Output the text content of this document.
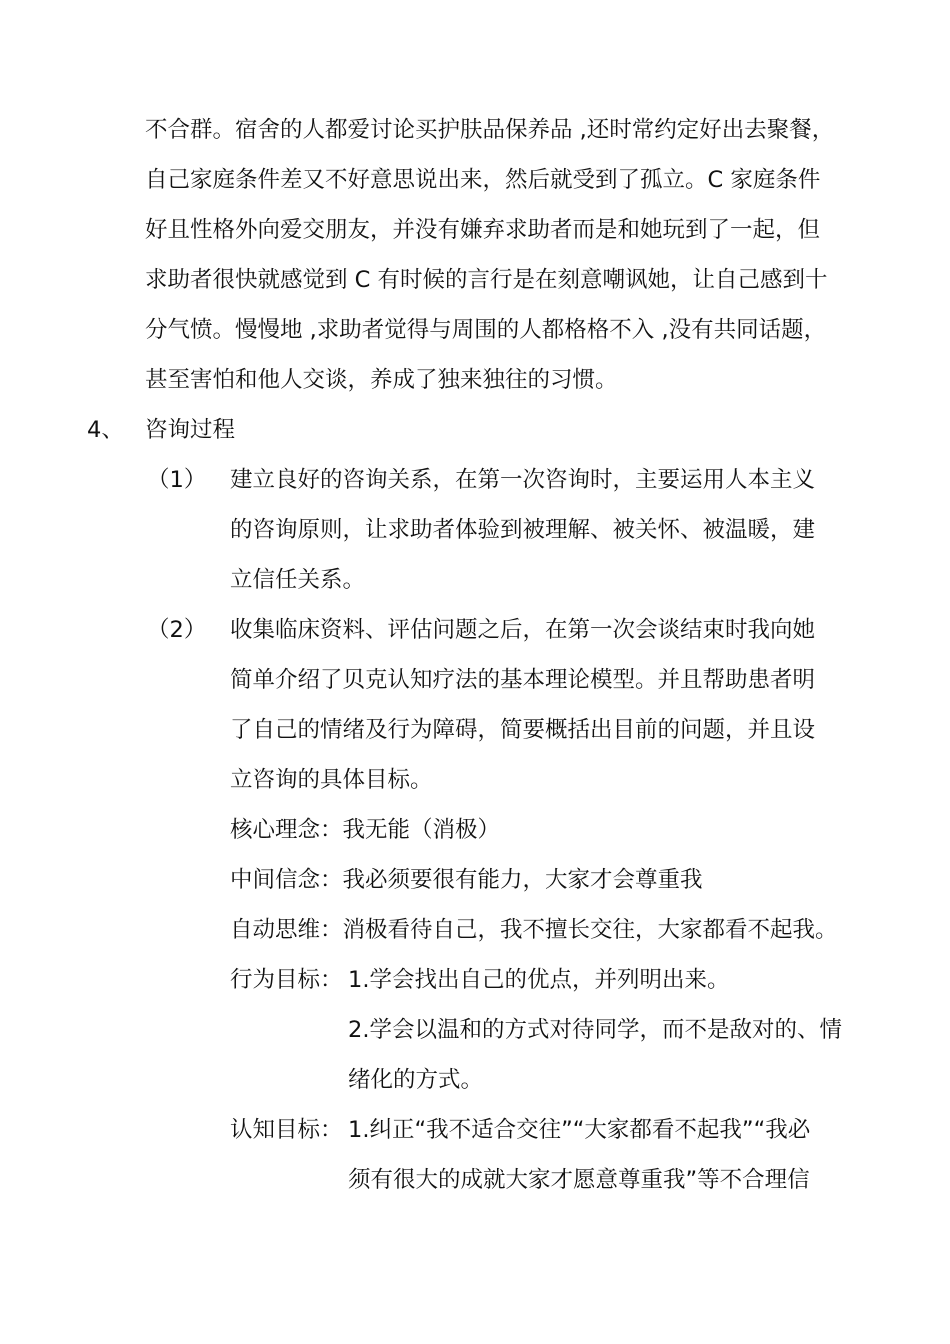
不合群。宿舍的人都爱讨论买护肤品保养品 ,还时常约定好出去聚餐，
自己家庭条件差又不好意思说出来，然后就受到了孤立。C 家庭条件
好且性格外向爱交朋友，并没有嫌弃求助者而是和她玩到了一起，但
求助者很快就感觉到 C 有时候的言行是在刻意嘲讽她，让自己感到十
分气愤。慢慢地 ,求助者觉得与周围的人都格格不入 ,没有共同话题，
甚至害怕和他人交谈，养成了独来独往的习惯。
4、 咨询过程
（1） 建立良好的咨询关系，在第一次咨询时，主要运用人本主义
的咨询原则，让求助者体验到被理解、被关怀、被温暖，建
立信任关系。
（2） 收集临床资料、评估问题之后，在第一次会谈结束时我向她
简单介绍了贝克认知疗法的基本理论模型。并且帮助患者明
了自己的情绪及行为障碍，简要概括出目前的问题，并且设
立咨询的具体目标。
核心理念：我无能（消极）
中间信念：我必须要很有能力，大家才会尊重我
自动思维：消极看待自己，我不擅长交往，大家都看不起我。
行为目标： 1.学会找出自己的优点，并列明出来。
2.学会以温和的方式对待同学，而不是敌对的、情
绪化的方式。
认知目标： 1.纠正“我不适合交往”“大家都看不起我”“我必
须有很大的成就大家才愿意尊重我”等不合理信
